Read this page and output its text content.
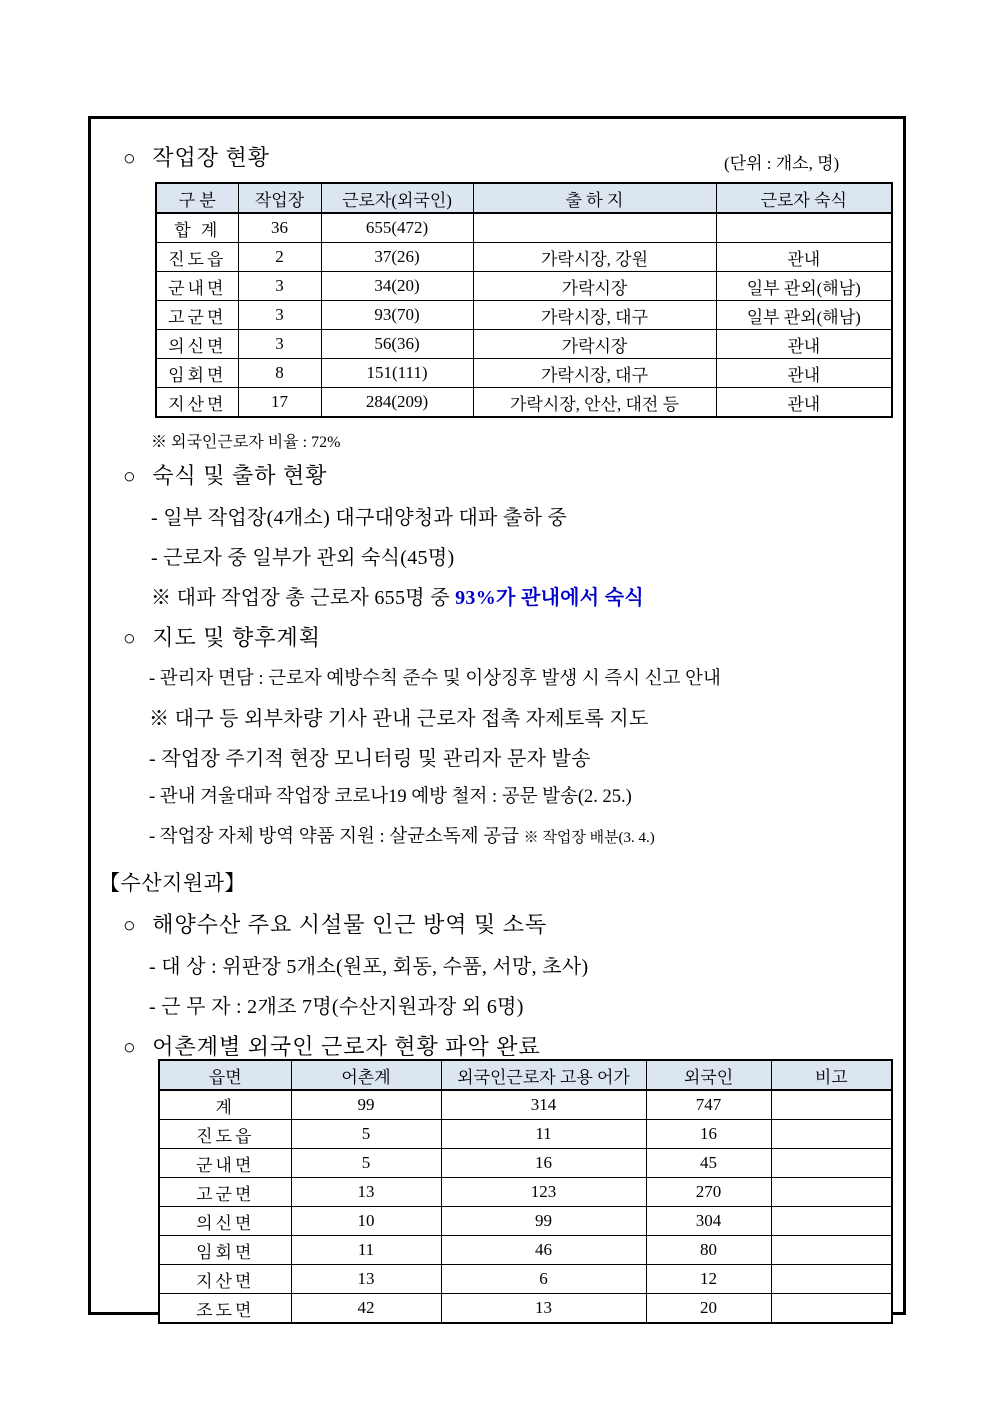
○ 작업장 현황	(단위 : 개소, 명)
구 분	작업장	근로자(외국인)	출 하 지	근로자 숙식
합 계	36	655(472)		
진도읍	2	37(26)	가락시장, 강원	관내
군내면	3	34(20)	가락시장	일부 관외(해남)
고군면	3	93(70)	가락시장, 대구	일부 관외(해남)
의신면	3	56(36)	가락시장	관내
임회면	8	151(111)	가락시장, 대구	관내
지산면	17	284(209)	가락시장, 안산, 대전 등	관내
※ 외국인근로자 비율 : 72%
○ 숙식 및 출하 현황
- 일부 작업장(4개소) 대구대양청과 대파 출하 중
- 근로자 중 일부가 관외 숙식(45명)
※ 대파 작업장 총 근로자 655명 중 93%가 관내에서 숙식
○ 지도 및 향후계획
- 관리자 면담 : 근로자 예방수칙 준수 및 이상징후 발생 시 즉시 신고 안내
※ 대구 등 외부차량 기사 관내 근로자 접촉 자제토록 지도
- 작업장 주기적 현장 모니터링 및 관리자 문자 발송
- 관내 겨울대파 작업장 코로나19 예방 철저 : 공문 발송(2. 25.)
- 작업장 자체 방역 약품 지원 : 살균소독제 공급 ※ 작업장 배분(3. 4.)
【수산지원과】
○ 해양수산 주요 시설물 인근 방역 및 소독
- 대 상 : 위판장 5개소(원포, 회동, 수품, 서망, 초사)
- 근 무 자 : 2개조 7명(수산지원과장 외 6명)
○ 어촌계별 외국인 근로자 현황 파악 완료
읍면	어촌계	외국인근로자 고용 어가	외국인	비고
계	99	314	747	
진도읍	5	11	16	
군내면	5	16	45	
고군면	13	123	270	
의신면	10	99	304	
임회면	11	46	80	
지산면	13	6	12	
조도면	42	13	20	
